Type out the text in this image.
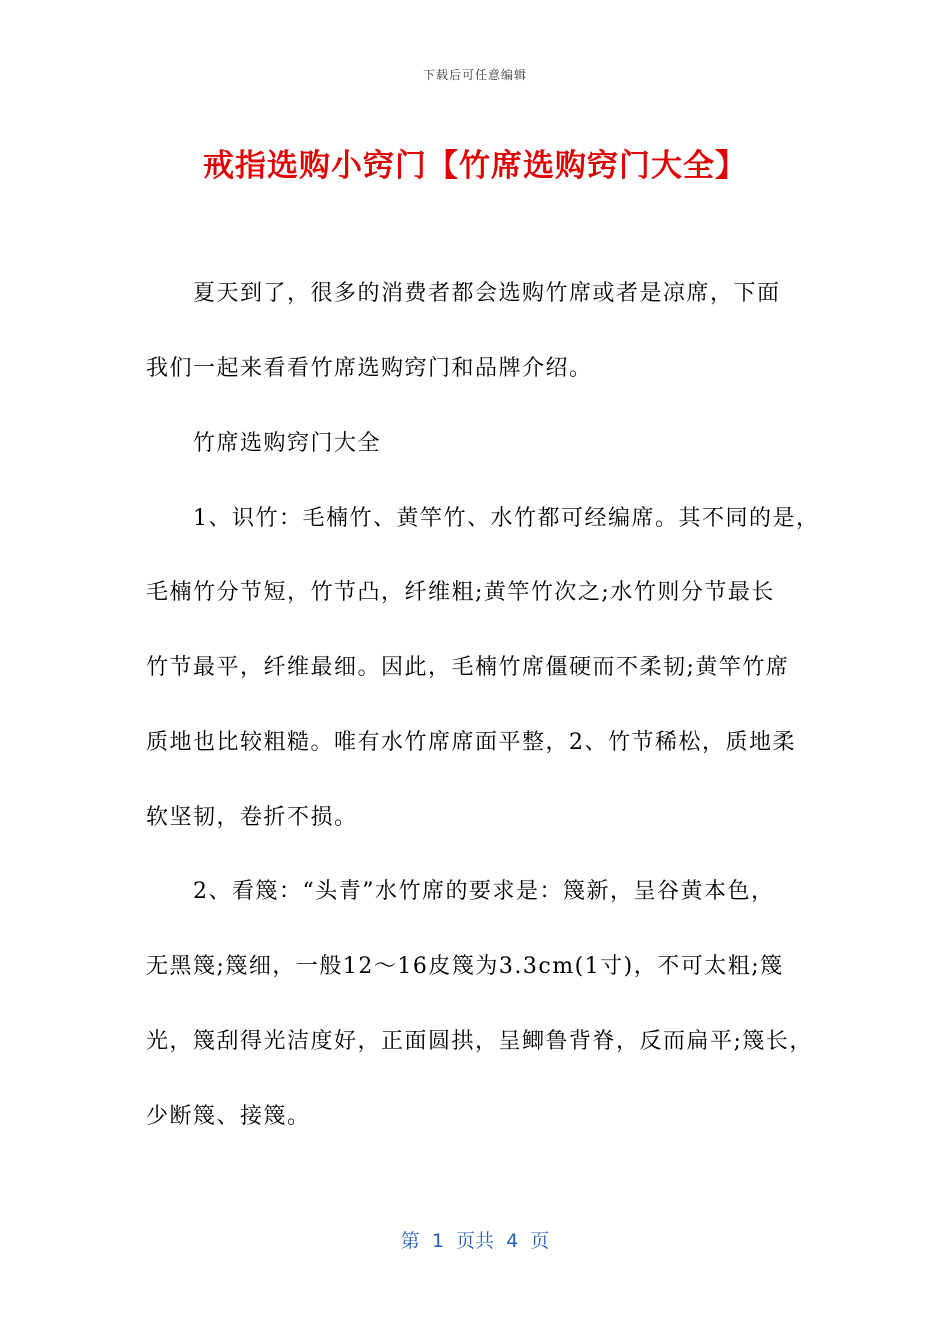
下载后可任意编辑
戒指选购小窍门【竹席选购窍门大全】
夏天到了，很多的消费者都会选购竹席或者是凉席，下面
我们一起来看看竹席选购窍门和品牌介绍。
竹席选购窍门大全
1、识竹：毛楠竹、黄竿竹、水竹都可经编席。其不同的是，
毛楠竹分节短，竹节凸，纤维粗;黄竿竹次之;水竹则分节最长
竹节最平，纤维最细。因此，毛楠竹席僵硬而不柔韧;黄竿竹席
质地也比较粗糙。唯有水竹席席面平整，2、竹节稀松，质地柔
软坚韧，卷折不损。
2、看篾：“头青”水竹席的要求是：篾新，呈谷黄本色，
无黑篾;篾细，一般12～16皮篾为3.3cm(1寸)，不可太粗;篾
光，篾刮得光洁度好，正面圆拱，呈鲫鲁背脊，反而扁平;篾长，
少断篾、接篾。
第  1  页共  4  页
